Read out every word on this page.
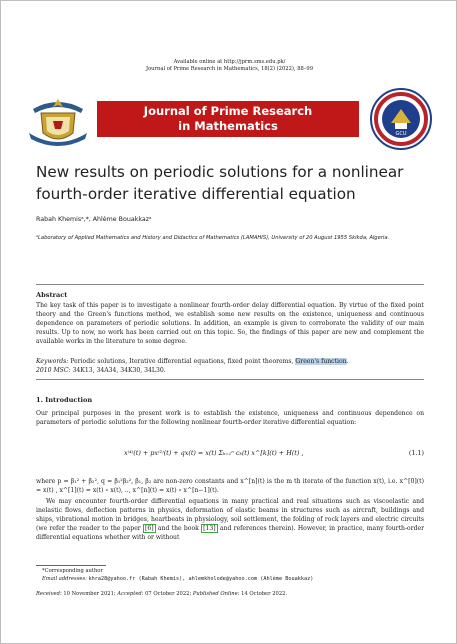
Available online at http://jprm.sms.edu.pk/
Journal of Prime Research in Mathematics, 18(2) (2022), 88–99
Journal of Prime Research
in Mathematics
GCU
New results on periodic solutions for a nonlinear
fourth-order iterative differential equation
Rabah Khemisᵃ,*, Ahlème Bouakkazᵃ
ᵃLaboratory of Applied Mathematics and History and Didactics of Mathematics (LAMAHIS), University of 20 August 1955 Skikda, Algeria.
Abstract
The key task of this paper is to investigate a nonlinear fourth-order delay differential equation. By virtue of the fixed point theory and the Green's functions method, we establish some new results on the existence, uniqueness and continuous dependence on parameters of periodic solutions. In addition, an example is given to corroborate the validity of our main results. Up to now, no work has been carried out on this topic. So, the findings of this paper are new and complement the available works in the literature to some degree.
Keywords: Periodic solutions, Iterative differential equations, fixed point theorems, Green's function.
2010 MSC: 34K13, 34A34, 34K30, 34L30.
1. Introduction
Our principal purposes in the present work is to establish the existence, uniqueness and continuous dependence on parameters of periodic solutions for the following nonlinear fourth-order iterative differential equation:
x⁽⁴⁾(t) + px⁽²⁾(t) + qx(t) = x(t) Σₖ₌₁ⁿ cₖ(t) x^[k](t) + H(t) ,	(1.1)
where p = β₁² + β₂², q = β₁²β₂², β₁, β₂ are non-zero constants and x^[n](t) is the m th iterate of the function x(t), i.e. x^[0](t) = x(t) , x^[1](t) = x(t) ∘ x(t), .., x^[n](t) = x(t) ∘ x^[n−1](t).
We may encounter fourth-order differential equations in many practical and real situations such as viscoelastic and inelastic flows, deflection patterns in physics, deformation of elastic beams in structures such as aircraft, buildings and ships, vibrational motion in bridges, heartbeats in physiology, soil settlement, the folding of rock layers and electric circuits (we refer the reader to the paper [6] and the book [13] and references therein). However, in practice, many fourth-order differential equations whether with or without
*Corresponding author
Email addresses: khra28@yahoo.fr (Rabah Khemis), ahlemkholode@yahoo.com (Ahlème Bouakkaz)
Received: 10 November 2021; Accepted: 07 October 2022; Published Online: 14 October 2022.
